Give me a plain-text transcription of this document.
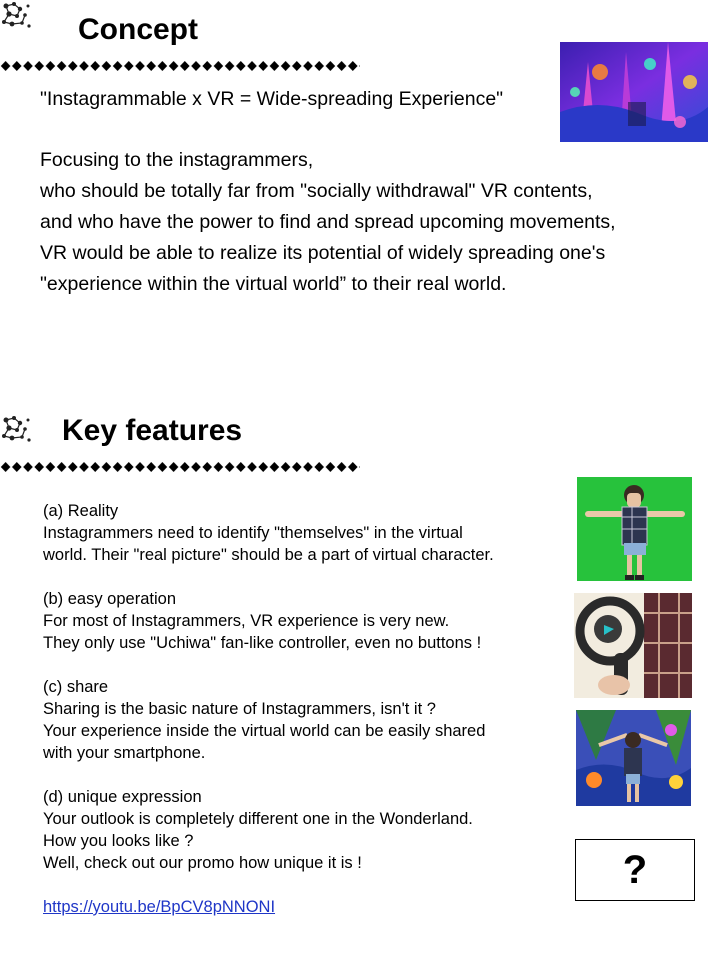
Concept
"Instagrammable x VR = Wide-spreading Experience"
Focusing to the instagrammers,
who should be totally far from "socially withdrawal" VR contents,
and who have the power to find and spread upcoming movements,
VR would be able to realize its potential of widely spreading one's
"experience within the virtual world” to their real world.
Key features
(a) Reality
Instagrammers need to identify "themselves" in the virtual
world. Their "real picture" should be a part of virtual character.
(b) easy operation
For most of Instagrammers, VR experience is very new.
They only use "Uchiwa" fan-like controller, even no buttons !
(c) share
Sharing is the basic nature of Instagrammers, isn't it ?
Your experience inside the virtual world can be easily shared
with your smartphone.
(d) unique expression
Your outlook is completely different one in the Wonderland.
How you looks like ?
Well, check out our promo how unique it is !
https://youtu.be/BpCV8pNNONI
?
